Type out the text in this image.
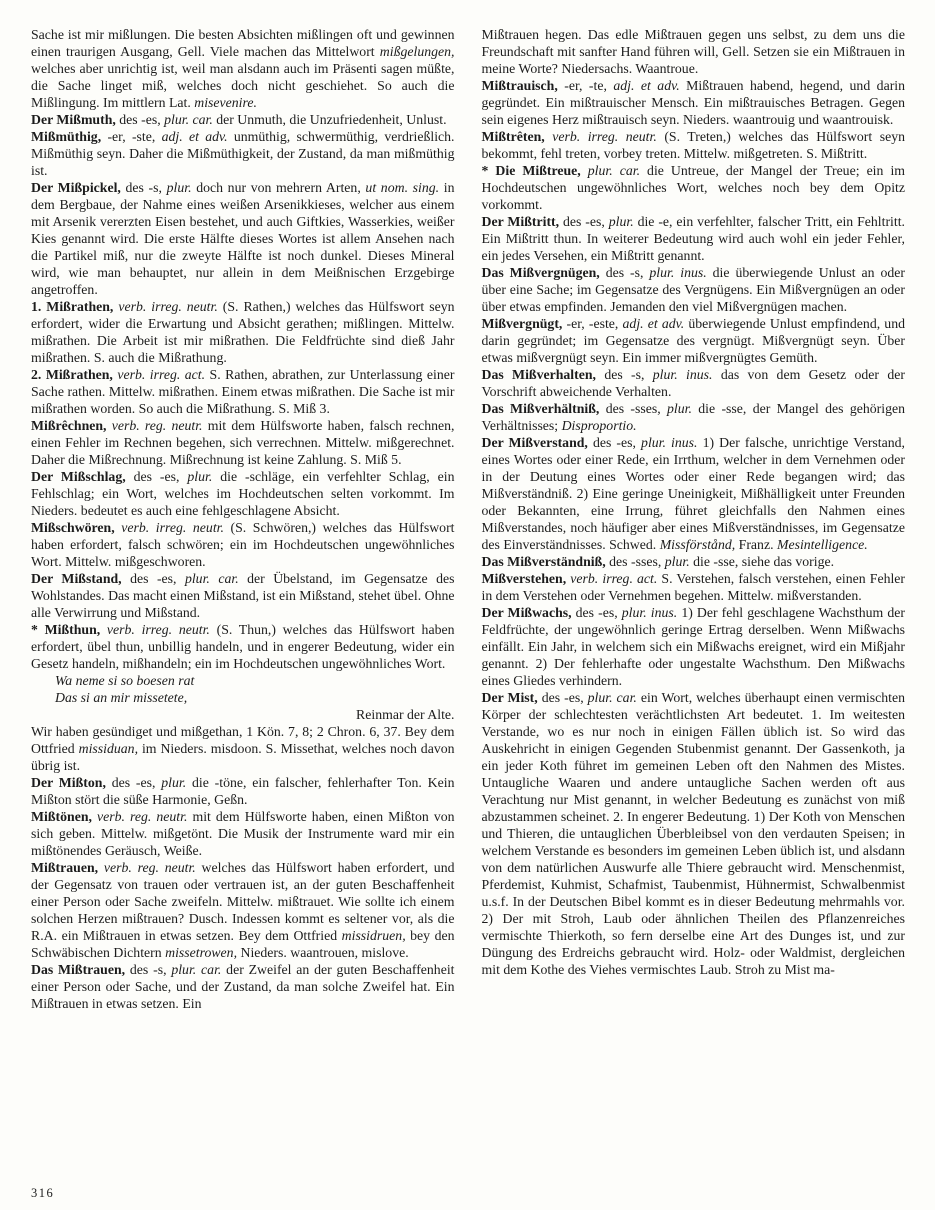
Sache ist mir mißlungen. Die besten Absichten mißlingen oft und gewinnen einen traurigen Ausgang, Gell. Viele machen das Mittelwort mißgelungen, welches aber unrichtig ist, weil man alsdann auch im Präsenti sagen müßte, die Sache linget miß, welches doch nicht geschiehet. So auch die Mißlingung. Im mittlern Lat. misevenire.

Der Mißmuth, des -es, plur. car. der Unmuth, die Unzufriedenheit, Unlust.

Mißmüthig, -er, -ste, adj. et adv. unmüthig, schwermüthig, verdrießlich. Mißmüthig seyn. Daher die Mißmüthigkeit, der Zustand, da man mißmüthig ist.

Der Mißpickel, des -s, plur. doch nur von mehrern Arten, ut nom. sing. in dem Bergbaue, der Nahme eines weißen Arsenikkieses, welcher aus einem mit Arsenik vererzten Eisen bestehet, und auch Giftkies, Wasserkies, weißer Kies genannt wird. Die erste Hälfte dieses Wortes ist allem Ansehen nach die Partikel miß, nur die zweyte Hälfte ist noch dunkel. Dieses Mineral wird, wie man behauptet, nur allein in dem Meißnischen Erzgebirge angetroffen.

1. Mißrathen, verb. irreg. neutr. (S. Rathen,) welches das Hülfswort seyn erfordert, wider die Erwartung und Absicht gerathen; mißlingen. Mittelw. mißrathen. Die Arbeit ist mir mißrathen. Die Feldfrüchte sind dieß Jahr mißrathen. S. auch die Mißrathung.

2. Mißrathen, verb. irreg. act. S. Rathen, abrathen, zur Unterlassung einer Sache rathen. Mittelw. mißrathen. Einem etwas mißrathen. Die Sache ist mir mißrathen worden. So auch die Mißrathung. S. Miß 3.

Mißrêchnen, verb. reg. neutr. mit dem Hülfsworte haben, falsch rechnen, einen Fehler im Rechnen begehen, sich verrechnen. Mittelw. mißgerechnet. Daher die Mißrechnung. Mißrechnung ist keine Zahlung. S. Miß 5.

Der Mißschlag, des -es, plur. die -schläge, ein verfehlter Schlag, ein Fehlschlag; ein Wort, welches im Hochdeutschen selten vorkommt. Im Nieders. bedeutet es auch eine fehlgeschlagene Absicht.

Mißschwören, verb. irreg. neutr. (S. Schwören,) welches das Hülfswort haben erfordert, falsch schwören; ein im Hochdeutschen ungewöhnliches Wort. Mittelw. mißgeschworen.

Der Mißstand, des -es, plur. car. der Übelstand, im Gegensatze des Wohlstandes. Das macht einen Mißstand, ist ein Mißstand, stehet übel. Ohne alle Verwirrung und Mißstand.

* Mißthun, verb. irreg. neutr. (S. Thun,) welches das Hülfswort haben erfordert, übel thun, unbillig handeln, und in engerer Bedeutung, wider ein Gesetz handeln, mißhandeln; ein im Hochdeutschen ungewöhnliches Wort.

Wa neme si so boesen rat

Das si an mir missetete,

Reinmar der Alte.

Wir haben gesündiget und mißgethan, 1 Kön. 7, 8; 2 Chron. 6, 37. Bey dem Ottfried missiduan, im Nieders. misdoon. S. Missethat, welches noch davon übrig ist.

Der Mißton, des -es, plur. die -töne, ein falscher, fehlerhafter Ton. Kein Mißton stört die süße Harmonie, Geßn.

Mißtönen, verb. reg. neutr. mit dem Hülfsworte haben, einen Mißton von sich geben. Mittelw. mißgetönt. Die Musik der Instrumente ward mir ein mißtönendes Geräusch, Weiße.

Mißtrauen, verb. reg. neutr. welches das Hülfswort haben erfordert, und der Gegensatz von trauen oder vertrauen ist, an der guten Beschaffenheit einer Person oder Sache zweifeln. Mittelw. mißtrauet. Wie sollte ich einem solchen Herzen mißtrauen? Dusch. Indessen kommt es seltener vor, als die R.A. ein Mißtrauen in etwas setzen. Bey dem Ottfried missidruen, bey den Schwäbischen Dichtern missetrowen, Nieders. waantrouen, mislove.

Das Mißtrauen, des -s, plur. car. der Zweifel an der guten Beschaffenheit einer Person oder Sache, und der Zustand, da man solche Zweifel hat. Ein Mißtrauen in etwas setzen. Ein

Mißtrauen hegen. Das edle Mißtrauen gegen uns selbst, zu dem uns die Freundschaft mit sanfter Hand führen will, Gell. Setzen sie ein Mißtrauen in meine Worte? Niedersachs. Waantroue.

Mißtrauisch, -er, -te, adj. et adv. Mißtrauen habend, hegend, und darin gegründet. Ein mißtrauischer Mensch. Ein mißtrauisches Betragen. Gegen sein eigenes Herz mißtrauisch seyn. Nieders. waantrouig und waantrouisk.

Mißtrêten, verb. irreg. neutr. (S. Treten,) welches das Hülfswort seyn bekommt, fehl treten, vorbey treten. Mittelw. mißgetreten. S. Mißtritt.

* Die Mißtreue, plur. car. die Untreue, der Mangel der Treue; ein im Hochdeutschen ungewöhnliches Wort, welches noch bey dem Opitz vorkommt.

Der Mißtritt, des -es, plur. die -e, ein verfehlter, falscher Tritt, ein Fehltritt. Ein Mißtritt thun. In weiterer Bedeutung wird auch wohl ein jeder Fehler, ein jedes Versehen, ein Mißtritt genannt.

Das Mißvergnügen, des -s, plur. inus. die überwiegende Unlust an oder über eine Sache; im Gegensatze des Vergnügens. Ein Mißvergnügen an oder über etwas empfinden. Jemanden den viel Mißvergnügen machen.

Mißvergnügt, -er, -este, adj. et adv. überwiegende Unlust empfindend, und darin gegründet; im Gegensatze des vergnügt. Mißvergnügt seyn. Über etwas mißvergnügt seyn. Ein immer mißvergnügtes Gemüth.

Das Mißverhalten, des -s, plur. inus. das von dem Gesetz oder der Vorschrift abweichende Verhalten.

Das Mißverhältniß, des -sses, plur. die -sse, der Mangel des gehörigen Verhältnisses; Disproportio.

Der Mißverstand, des -es, plur. inus. 1) Der falsche, unrichtige Verstand, eines Wortes oder einer Rede, ein Irrthum, welcher in dem Vernehmen oder in der Deutung eines Wortes oder einer Rede begangen wird; das Mißverständniß. 2) Eine geringe Uneinigkeit, Mißhälligkeit unter Freunden oder Bekannten, eine Irrung, führet gleichfalls den Nahmen eines Mißverstandes, noch häufiger aber eines Mißverständnisses, im Gegensatze des Einverständnisses. Schwed. Missförstånd, Franz. Mesintelligence.

Das Mißverständniß, des -sses, plur. die -sse, siehe das vorige.

Mißverstehen, verb. irreg. act. S. Verstehen, falsch verstehen, einen Fehler in dem Verstehen oder Vernehmen begehen. Mittelw. mißverstanden.

Der Mißwachs, des -es, plur. inus. 1) Der fehl geschlagene Wachsthum der Feldfrüchte, der ungewöhnlich geringe Ertrag derselben. Wenn Mißwachs einfällt. Ein Jahr, in welchem sich ein Mißwachs ereignet, wird ein Mißjahr genannt. 2) Der fehlerhafte oder ungestalte Wachsthum. Den Mißwachs eines Gliedes verhindern.

Der Mist, des -es, plur. car. ein Wort, welches überhaupt einen vermischten Körper der schlechtesten verächtlichsten Art bedeutet. 1. Im weitesten Verstande, wo es nur noch in einigen Fällen üblich ist. So wird das Auskehricht in einigen Gegenden Stubenmist genannt. Der Gassenkoth, ja ein jeder Koth führet im gemeinen Leben oft den Nahmen des Mistes. Untaugliche Waaren und andere untaugliche Sachen werden oft aus Verachtung nur Mist genannt, in welcher Bedeutung es zunächst von miß abzustammen scheinet. 2. In engerer Bedeutung. 1) Der Koth von Menschen und Thieren, die untauglichen Überbleibsel von den verdauten Speisen; in welchem Verstande es besonders im gemeinen Leben üblich ist, und alsdann von dem natürlichen Auswurfe alle Thiere gebraucht wird. Menschenmist, Pferdemist, Kuhmist, Schafmist, Taubenmist, Hühnermist, Schwalbenmist u.s.f. In der Deutschen Bibel kommt es in dieser Bedeutung mehrmahls vor. 2) Der mit Stroh, Laub oder ähnlichen Theilen des Pflanzenreiches vermischte Thierkoth, so fern derselbe eine Art des Dunges ist, und zur Düngung des Erdreichs gebraucht wird. Holz- oder Waldmist, dergleichen mit dem Kothe des Viehes vermischtes Laub. Stroh zu Mist ma-

316
